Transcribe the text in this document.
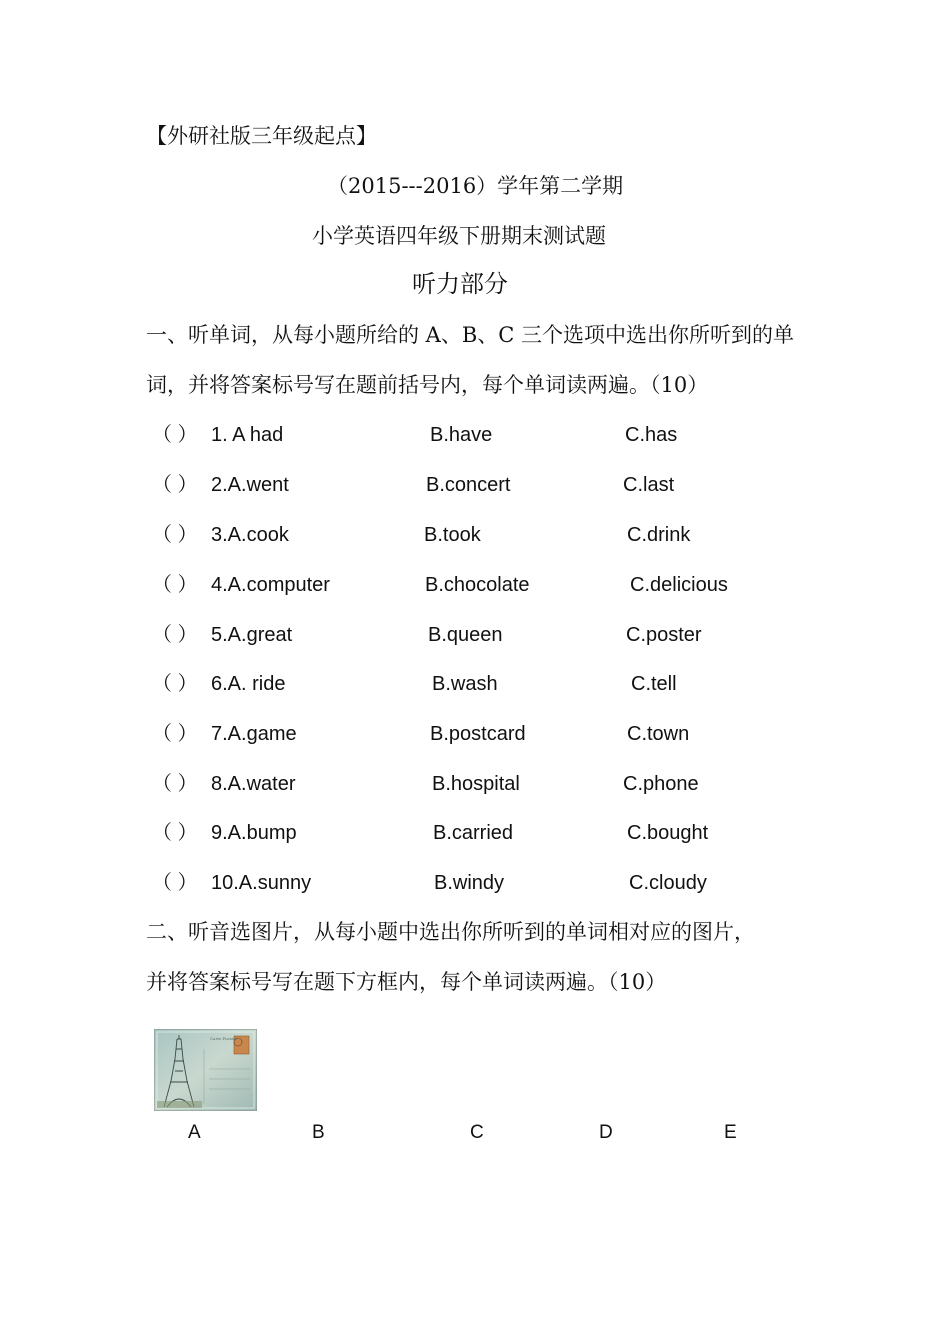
【外研社版三年级起点】
（2015---2016）学年第二学期
小学英语四年级下册期末测试题
听力部分
一、听单词，从每小题所给的 A、B、C 三个选项中选出你所听到的单
词，并将答案标号写在题前括号内，每个单词读两遍。（10）
（ ） 1. A had	B.have	C.has
（ ） 2.A.went	B.concert	C.last
（ ） 3.A.cook	B.took	C.drink
（ ） 4.A.computer	B.chocolate	C.delicious
（ ） 5.A.great	B.queen	C.poster
（ ） 6.A. ride	B.wash	C.tell
（ ） 7.A.game	B.postcard	C.town
（ ） 8.A.water	B.hospital	C.phone
（ ） 9.A.bump	B.carried	C.bought
（ ） 10.A.sunny	B.windy	C.cloudy
二、听音选图片，从每小题中选出你所听到的单词相对应的图片，
并将答案标号写在题下方框内，每个单词读两遍。（10）
Carte Postale
A	B	C	D	E
